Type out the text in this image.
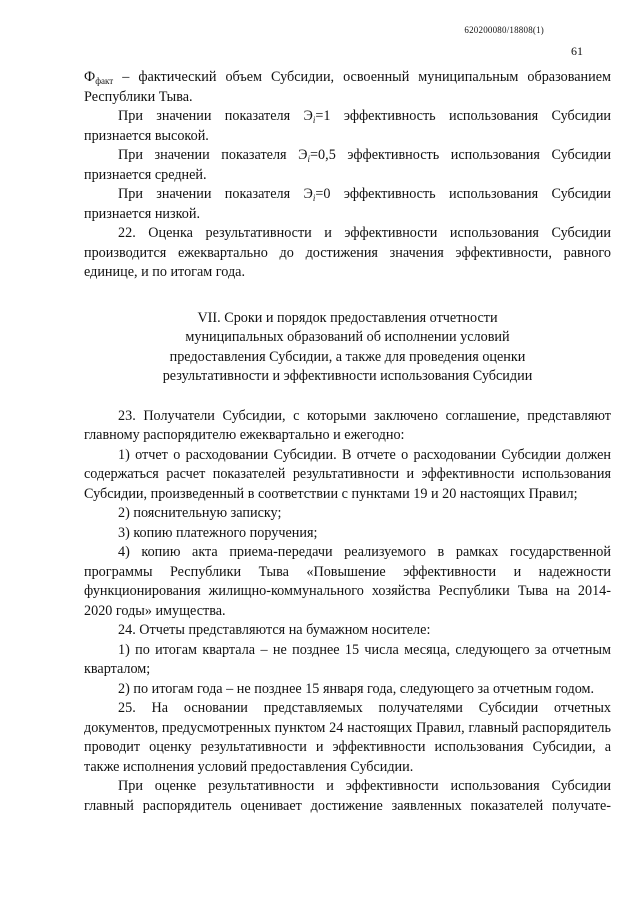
620200080/18808(1)
61

$Ф_{факт}$ – фактический объем Субсидии, освоенный муниципальным образованием Республики Тыва.

При значении показателя $Э_i=1$ эффективность использования Субсидии признается высокой.

При значении показателя $Э_i=0,5$ эффективность использования Субсидии признается средней.

При значении показателя $Э_i=0$ эффективность использования Субсидии признается низкой.

22. Оценка результативности и эффективности использования Субсидии производится ежеквартально до достижения значения эффективности, равного единице, и по итогам года.

VII. Сроки и порядок предоставления отчетности
муниципальных образований об исполнении условий
предоставления Субсидии, а также для проведения оценки
результативности и эффективности использования Субсидии

23. Получатели Субсидии, с которыми заключено соглашение, представляют главному распорядителю ежеквартально и ежегодно:

1) отчет о расходовании Субсидии. В отчете о расходовании Субсидии должен содержаться расчет показателей результативности и эффективности использования Субсидии, произведенный в соответствии с пунктами 19 и 20 настоящих Правил;

2) пояснительную записку;

3) копию платежного поручения;

4) копию акта приема-передачи реализуемого в рамках государственной программы Республики Тыва «Повышение эффективности и надежности функционирования жилищно-коммунального хозяйства Республики Тыва на 2014-2020 годы» имущества.

24. Отчеты представляются на бумажном носителе:

1) по итогам квартала – не позднее 15 числа месяца, следующего за отчетным кварталом;

2) по итогам года – не позднее 15 января года, следующего за отчетным годом.

25. На основании представляемых получателями Субсидии отчетных документов, предусмотренных пунктом 24 настоящих Правил, главный распорядитель проводит оценку результативности и эффективности использования Субсидии, а также исполнения условий предоставления Субсидии.

При оценке результативности и эффективности использования Субсидии главный распорядитель оценивает достижение заявленных показателей получате-
